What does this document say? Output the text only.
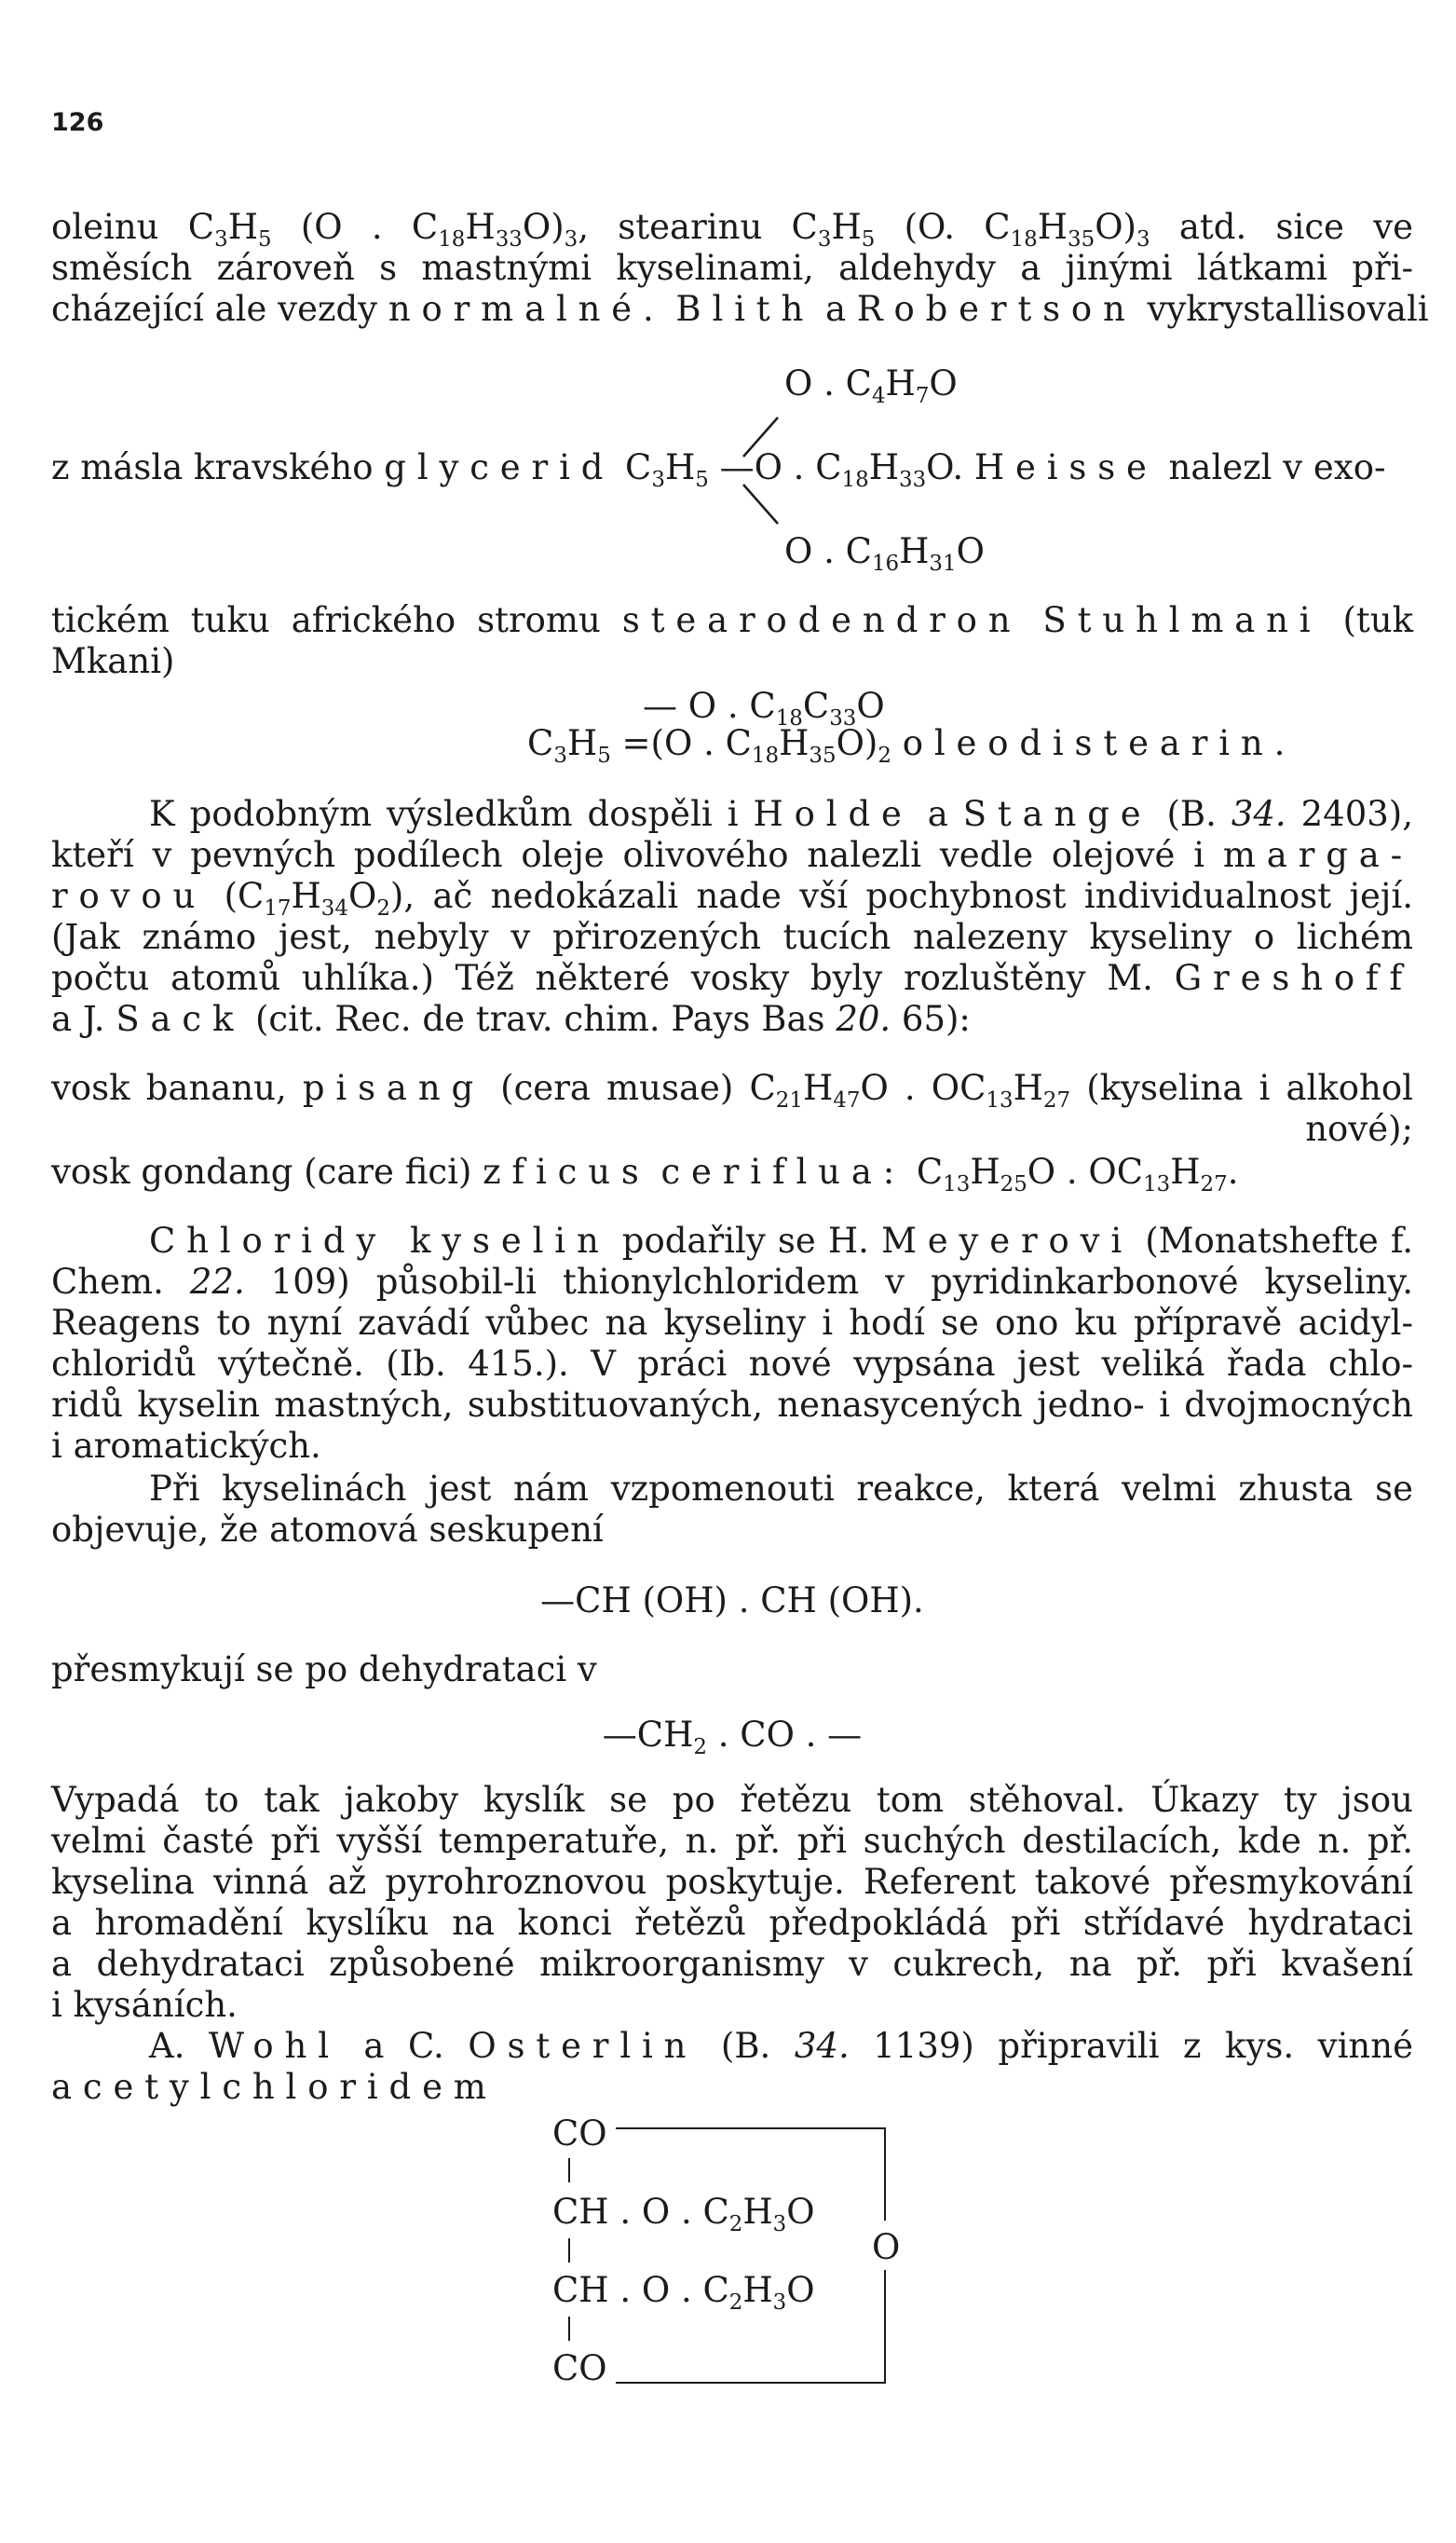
126
oleinu $C_3H_5$ (O . $C_{18}H_{33}O)_3$, stearinu $C_3H_5$ (O. $C_{18}H_{35}O)_3$ atd. sice ve
směsích zároveň s mastnými kyselinami, aldehydy a jinými látkami při-
cházející ale vezdy normalné. Blith a Robertson vykrystallisovali
O . $C_4H_7O$
z másla kravského glycerid $C_3H_5$ —O . $C_{18}H_{33}O$. Heisse nalezl v exo-
O . $C_{16}H_{31}O$
tickém tuku afrického stromu stearodendron Stuhlmani (tuk
Mkani)
— O . $C_{18}C_{33}O$
$C_3H_5 =(O$ . $C_{18}H_{35}O)_2$ oleodistearin.
K podobným výsledkům dospěli i Holde a Stange (B. 34. 2403),
kteří v pevných podílech oleje olivového nalezli vedle olejové i marga-
rovou $(C_{17}H_{34}O_2)$, ač nedokázali nade vší pochybnost individualnost její.
(Jak známo jest, nebyly v přirozených tucích nalezeny kyseliny o lichém
počtu atomů uhlíka.) Též některé vosky byly rozluštěny M. Greshoff
a J. Sack (cit. Rec. de trav. chim. Pays Bas 20. 65):
vosk bananu, pisang (cera musae) $C_{21}H_{47}O$ . $OC_{13}H_{27}$ (kyselina i alkohol
nové);
vosk gondang (care fici) z ficus cerifluа: $C_{13}H_{25}O$ . $OC_{13}H_{27}$.
Chloridy kyselin podařily se H. Meyerovi (Monatshefte f.
Chem. 22. 109) působil-li thionylchloridem v pyridinkarbonové kyseliny.
Reagens to nyní zavádí vůbec na kyseliny i hodí se ono ku přípravě acidyl-
chloridů výtečně. (Ib. 415.). V práci nové vypsána jest veliká řada chlo-
ridů kyselin mastných, substituovaných, nenasycených jedno- i dvojmocných
i aromatických.
Při kyselinách jest nám vzpomenouti reakce, která velmi zhusta se
objevuje, že atomová seskupení
—CH (OH) . CH (OH).
přesmykují se po dehydrataci v
$—CH_2$ . CO . —
Vypadá to tak jakoby kyslík se po řetězu tom stěhoval. Úkazy ty jsou
velmi časté při vyšší temperatuře, n. př. při suchých destilacích, kde n. př.
kyselina vinná až pyrohroznovou poskytuje. Referent takové přesmykování
a hromadění kyslíku na konci řetězů předpokládá při střídavé hydrataci
a dehydrataci způsobené mikroorganismy v cukrech, na př. při kvašení
i kysáních.
A. Wohl a C. Osterlin (B. 34. 1139) připravili z kys. vinné
acetylchloridem
CO
CH . O . $C_2H_3O$
O
CH . O . $C_2H_3O$
CO
